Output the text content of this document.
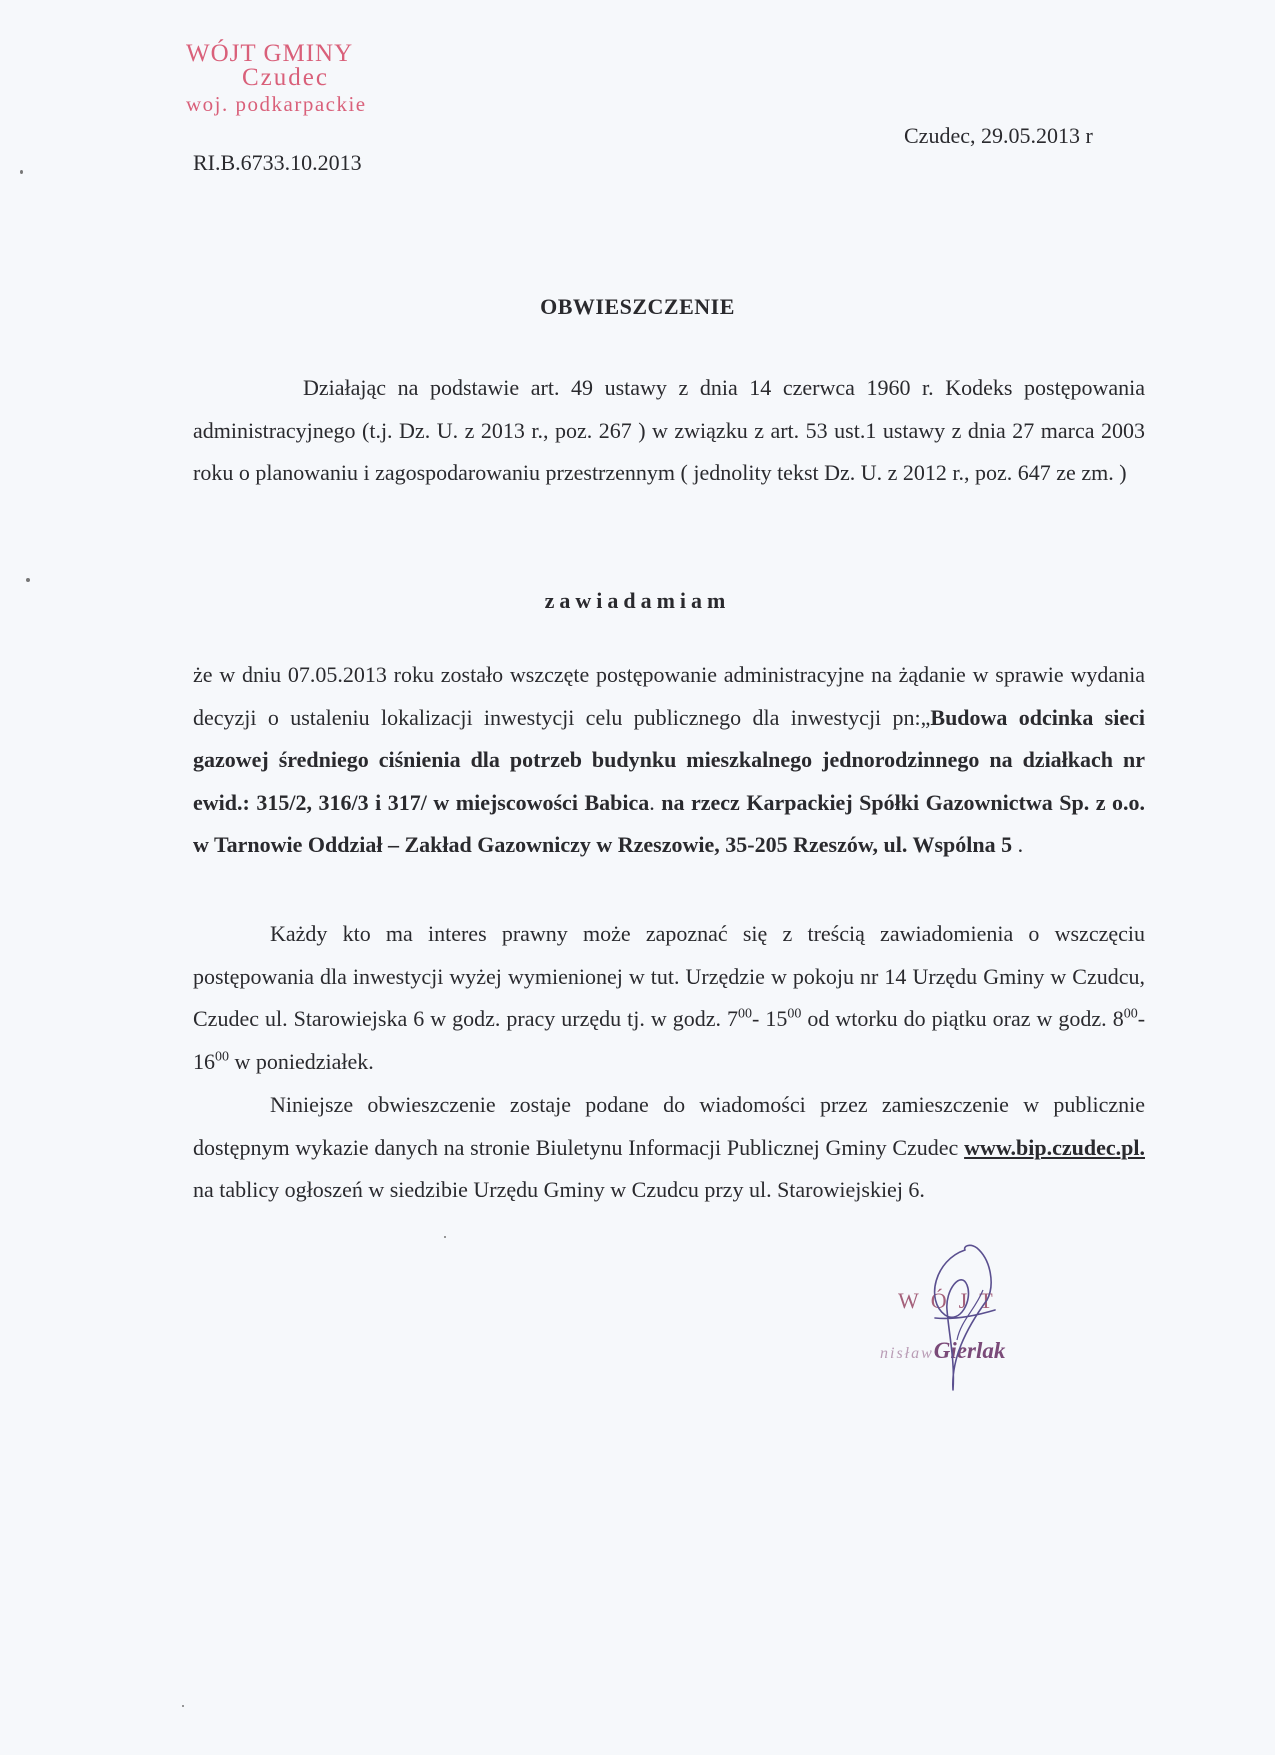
WÓJT GMINY
Czudec
woj. podkarpackie
RI.B.6733.10.2013
Czudec, 29.05.2013 r
OBWIESZCZENIE
Działając na podstawie art. 49 ustawy z dnia 14 czerwca 1960 r. Kodeks postępowania administracyjnego (t.j. Dz. U. z 2013 r., poz. 267 ) w związku z art. 53 ust.1 ustawy z dnia 27 marca 2003 roku o planowaniu i zagospodarowaniu przestrzennym ( jednolity tekst Dz. U. z 2012 r., poz. 647 ze zm. )
zawiadamiam
że w dniu 07.05.2013 roku zostało wszczęte postępowanie administracyjne na żądanie w sprawie wydania decyzji o ustaleniu lokalizacji inwestycji celu publicznego dla inwestycji pn:„Budowa odcinka sieci gazowej średniego ciśnienia dla potrzeb budynku mieszkalnego jednorodzinnego na działkach nr ewid.: 315/2, 316/3 i 317/ w miejscowości Babica. na rzecz Karpackiej Spółki Gazownictwa Sp. z o.o. w Tarnowie Oddział – Zakład Gazowniczy w Rzeszowie, 35-205 Rzeszów, ul. Wspólna 5 .
Każdy kto ma interes prawny może zapoznać się z treścią zawiadomienia o wszczęciu postępowania dla inwestycji wyżej wymienionej w tut. Urzędzie w pokoju nr 14 Urzędu Gminy w Czudcu, Czudec ul. Starowiejska 6 w godz. pracy urzędu tj. w godz. $7^{00}-$ $15^{00}$ od wtorku do piątku oraz w godz. $8^{00}-$ $16^{00}$ w poniedziałek.
Niniejsze obwieszczenie zostaje podane do wiadomości przez zamieszczenie w publicznie dostępnym wykazie danych na stronie Biuletynu Informacji Publicznej Gminy Czudec www.bip.czudec.pl. na tablicy ogłoszeń w siedzibie Urzędu Gminy w Czudcu przy ul. Starowiejskiej 6.
WÓJT
nisławGierlak
